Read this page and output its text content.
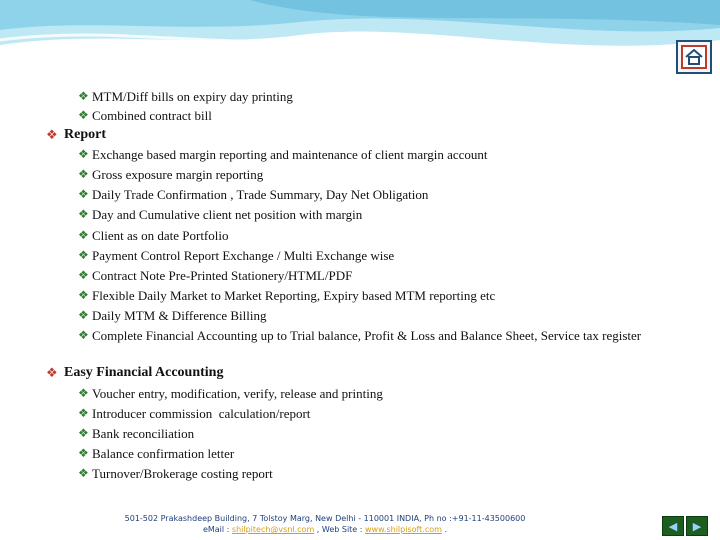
❖ MTM/Diff bills on expiry day printing
❖ Combined contract bill
❖ Report
❖ Exchange based margin reporting and maintenance of client margin account
❖ Gross exposure margin reporting
❖ Daily Trade Confirmation , Trade Summary, Day Net Obligation
❖ Day and Cumulative client net position with margin
❖ Client as on date Portfolio
❖ Payment Control Report Exchange / Multi Exchange wise
❖ Contract Note Pre-Printed Stationery/HTML/PDF
❖ Flexible Daily Market to Market Reporting, Expiry based MTM reporting etc
❖ Daily MTM & Difference Billing
❖ Complete Financial Accounting up to Trial balance, Profit & Loss and Balance Sheet, Service tax register
❖ Easy Financial Accounting
❖ Voucher entry, modification, verify, release and printing
❖ Introducer commission  calculation/report
❖ Bank reconciliation
❖ Balance confirmation letter
❖ Turnover/Brokerage costing report
501-502 Prakashdeep Building, 7 Tolstoy Marg, New Delhi - 110001 INDIA, Ph no :+91-11-43500600
eMail : shilpitech@vsnl.com , Web Site : www.shilpisoft.com .	◀ ▶
